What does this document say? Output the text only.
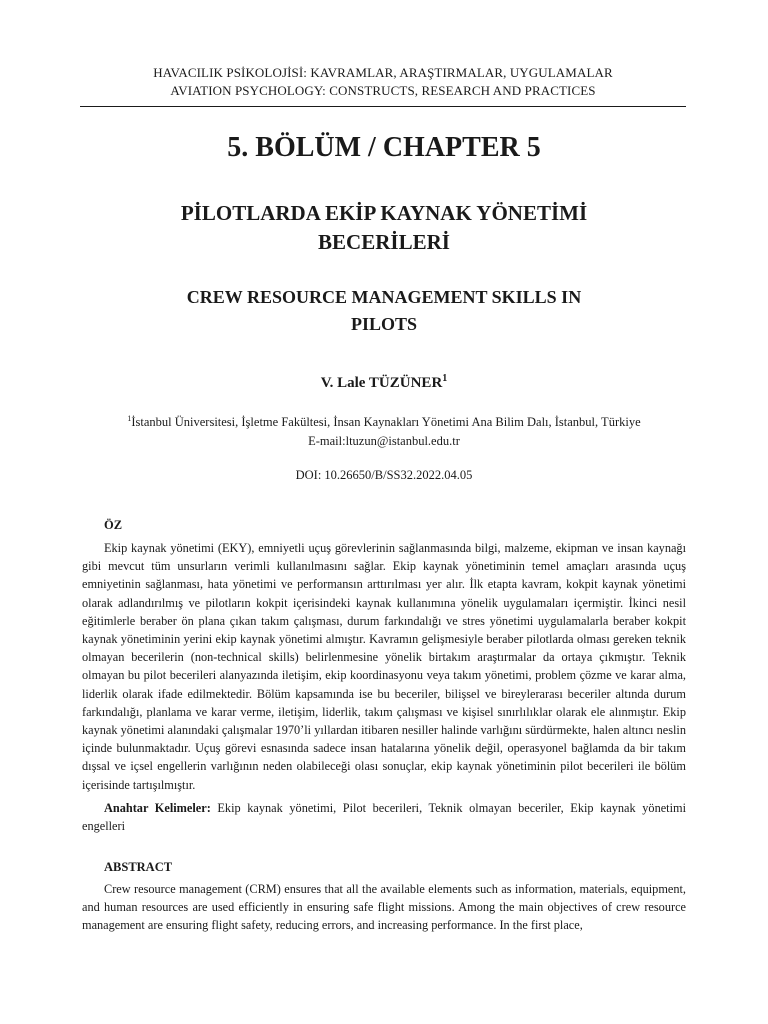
HAVACILIK PSİKOLOJİSİ: KAVRAMLAR, ARAŞTIRMALAR, UYGULAMALAR
AVIATION PSYCHOLOGY: CONSTRUCTS, RESEARCH AND PRACTICES
5. BÖLÜM / CHAPTER 5
PİLOTLARDA EKİP KAYNAK YÖNETİMİ
BECERİLERİ
CREW RESOURCE MANAGEMENT SKILLS IN
PILOTS
V. Lale TÜZÜNER$^1$
$^1$İstanbul Üniversitesi, İşletme Fakültesi, İnsan Kaynakları Yönetimi Ana Bilim Dalı, İstanbul, Türkiye
E-mail:ltuzun@istanbul.edu.tr
DOI: 10.26650/B/SS32.2022.04.05
ÖZ

Ekip kaynak yönetimi (EKY), emniyetli uçuş görevlerinin sağlanmasında bilgi, malzeme, ekipman ve insan kaynağı gibi mevcut tüm unsurların verimli kullanılmasını sağlar. Ekip kaynak yönetiminin temel amaçları arasında uçuş emniyetinin sağlanması, hata yönetimi ve performansın arttırılması yer alır. İlk etapta kavram, kokpit kaynak yönetimi olarak adlandırılmış ve pilotların kokpit içerisindeki kaynak kullanımına yönelik uygulamaları içermiştir. İkinci nesil eğitimlerle beraber ön plana çıkan takım çalışması, durum farkındalığı ve stres yönetimi uygulamalarla beraber kokpit kaynak yönetiminin yerini ekip kaynak yönetimi almıştır. Kavramın gelişmesiyle beraber pilotlarda olması gereken teknik olmayan becerilerin (non-technical skills) belirlenmesine yönelik birtakım araştırmalar da ortaya çıkmıştır. Teknik olmayan bu pilot becerileri alanyazında iletişim, ekip koordinasyonu veya takım yönetimi, problem çözme ve karar alma, liderlik olarak ifade edilmektedir. Bölüm kapsamında ise bu beceriler, bilişsel ve bireylerarası beceriler altında durum farkındalığı, planlama ve karar verme, iletişim, liderlik, takım çalışması ve kişisel sınırlılıklar olarak ele alınmıştır. Ekip kaynak yönetimi alanındaki çalışmalar 1970’li yıllardan itibaren nesiller halinde varlığını sürdürmekte, halen altıncı neslin içinde bulunmaktadır. Uçuş görevi esnasında sadece insan hatalarına yönelik değil, operasyonel bağlamda da bir takım dışsal ve içsel engellerin varlığının neden olabileceği olası sonuçlar, ekip kaynak yönetiminin pilot becerileri ile bölüm içerisinde tartışılmıştır.

Anahtar Kelimeler: Ekip kaynak yönetimi, Pilot becerileri, Teknik olmayan beceriler, Ekip kaynak yönetimi engelleri

ABSTRACT

Crew resource management (CRM) ensures that all the available elements such as information, materials, equipment, and human resources are used efficiently in ensuring safe flight missions. Among the main objectives of crew resource management are ensuring flight safety, reducing errors, and increasing performance. In the first place,
